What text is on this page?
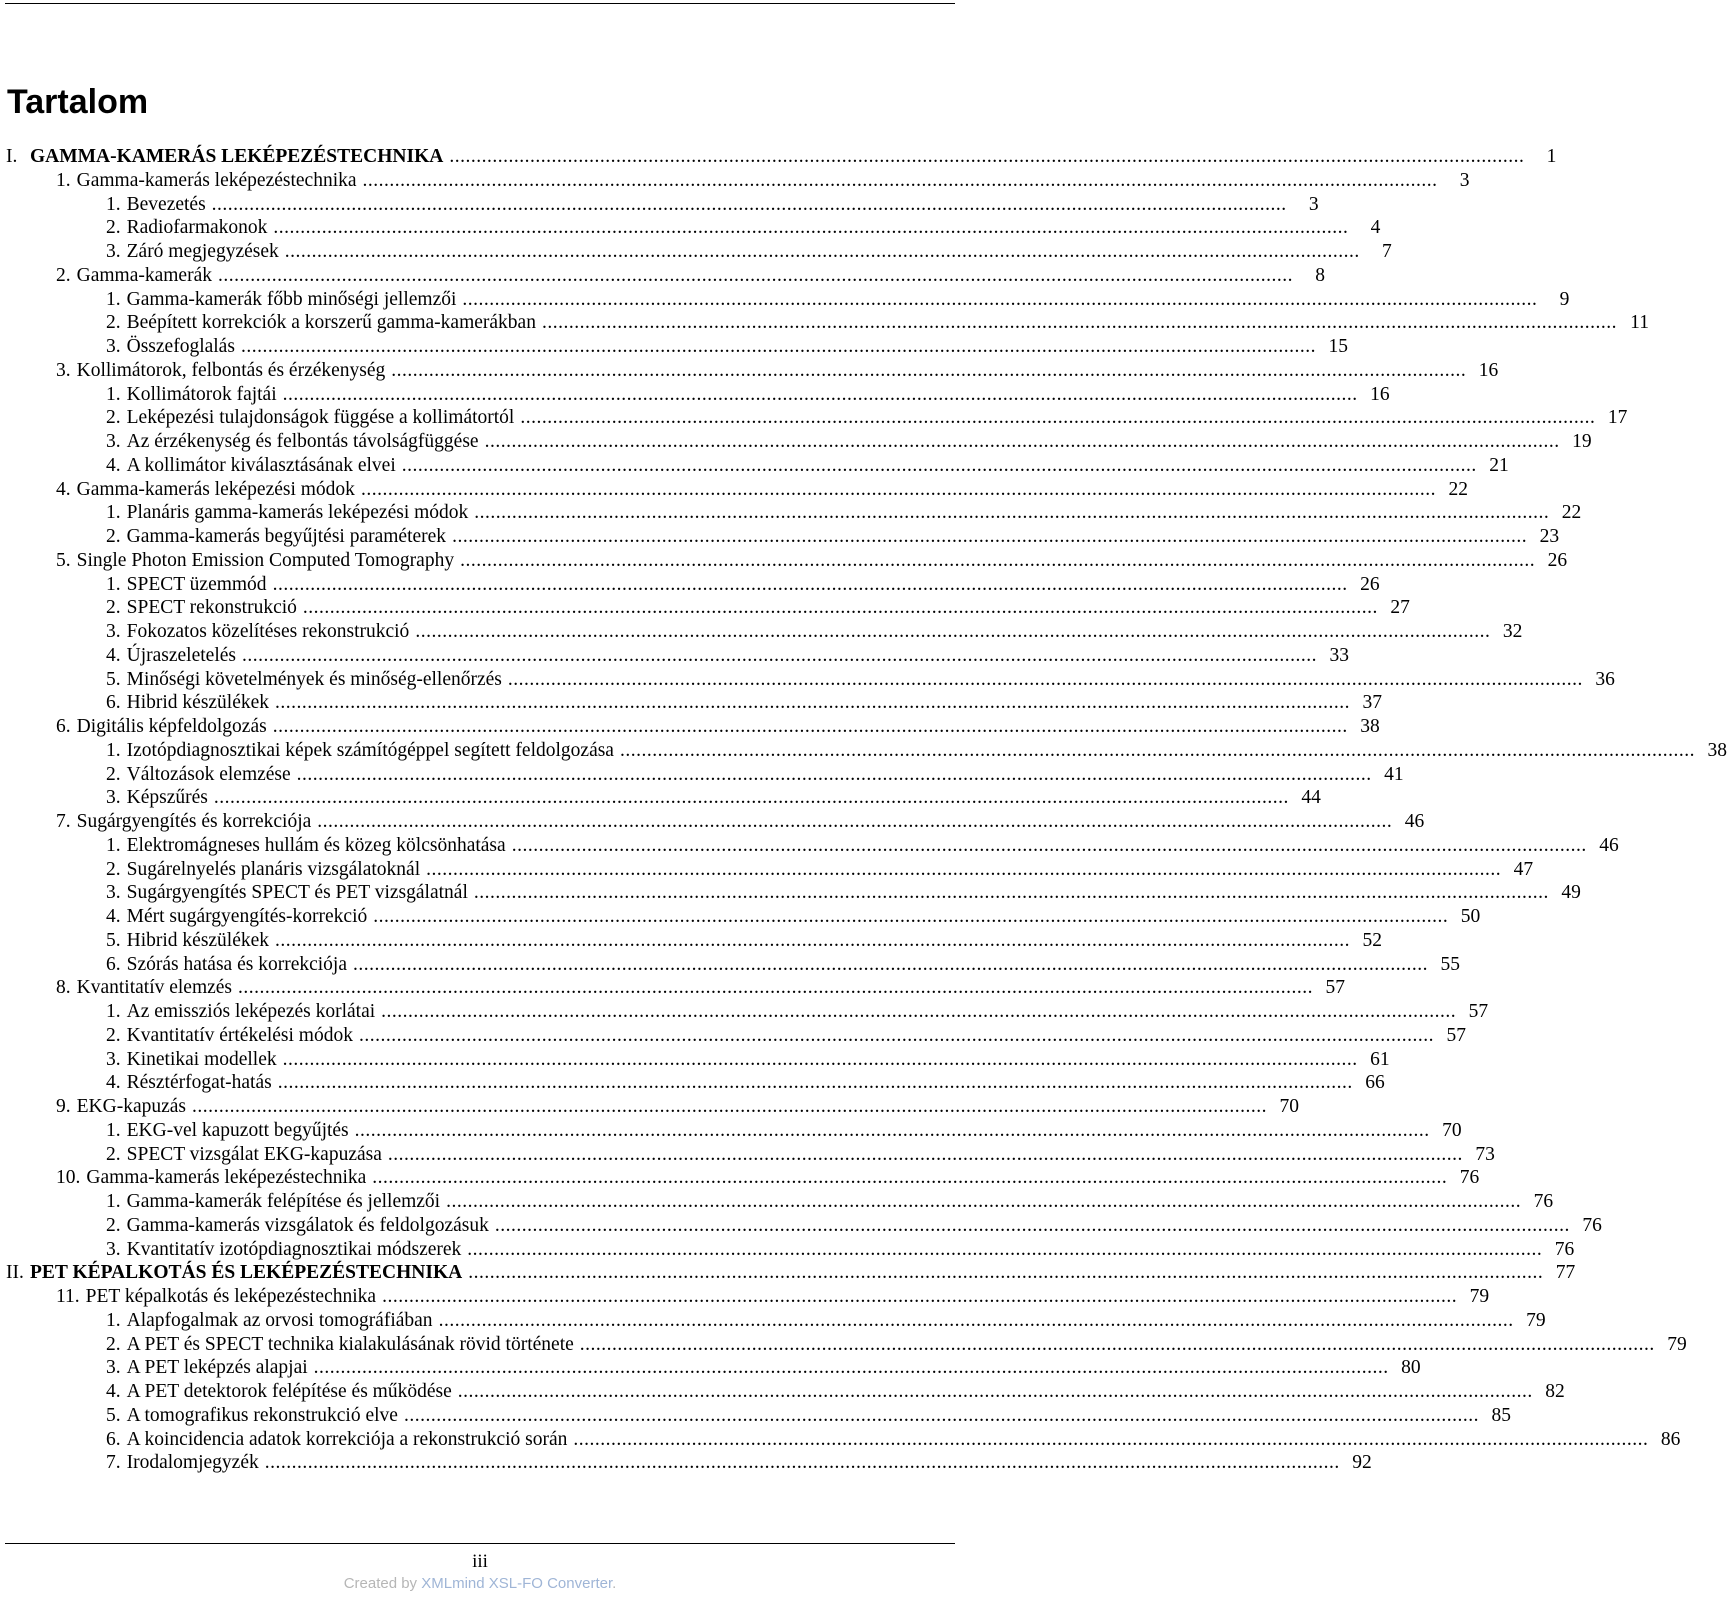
Tartalom
I. GAMMA-KAMERÁS LEKÉPEZÉSTECHNIKA ........................................................................................................................................................................................................	1
1. Gamma-kamerás leképezéstechnika ........................................................................................................................................................................................................	3
1. Bevezetés ........................................................................................................................................................................................................	3
2. Radiofarmakonok ........................................................................................................................................................................................................	4
3. Záró megjegyzések ........................................................................................................................................................................................................	7
2. Gamma-kamerák ........................................................................................................................................................................................................	8
1. Gamma-kamerák főbb minőségi jellemzői ........................................................................................................................................................................................................	9
2. Beépített korrekciók a korszerű gamma-kamerákban ........................................................................................................................................................................................................ 11
3. Összefoglalás ........................................................................................................................................................................................................ 15
3. Kollimátorok, felbontás és érzékenység ........................................................................................................................................................................................................ 16
1. Kollimátorok fajtái ........................................................................................................................................................................................................ 16
2. Leképezési tulajdonságok függése a kollimátortól ........................................................................................................................................................................................................ 17
3. Az érzékenység és felbontás távolságfüggése ........................................................................................................................................................................................................ 19
4. A kollimátor kiválasztásának elvei ........................................................................................................................................................................................................ 21
4. Gamma-kamerás leképezési módok ........................................................................................................................................................................................................ 22
1. Planáris gamma-kamerás leképezési módok ........................................................................................................................................................................................................ 22
2. Gamma-kamerás begyűjtési paraméterek ........................................................................................................................................................................................................ 23
5. Single Photon Emission Computed Tomography ........................................................................................................................................................................................................ 26
1. SPECT üzemmód ........................................................................................................................................................................................................ 26
2. SPECT rekonstrukció ........................................................................................................................................................................................................ 27
3. Fokozatos közelítéses rekonstrukció ........................................................................................................................................................................................................ 32
4. Újraszeletelés ........................................................................................................................................................................................................ 33
5. Minőségi követelmények és minőség-ellenőrzés ........................................................................................................................................................................................................ 36
6. Hibrid készülékek ........................................................................................................................................................................................................ 37
6. Digitális képfeldolgozás ........................................................................................................................................................................................................ 38
1. Izotópdiagnosztikai képek számítógéppel segített feldolgozása ........................................................................................................................................................................................................ 38
2. Változások elemzése ........................................................................................................................................................................................................ 41
3. Képszűrés ........................................................................................................................................................................................................ 44
7. Sugárgyengítés és korrekciója ........................................................................................................................................................................................................ 46
1. Elektromágneses hullám és közeg kölcsönhatása ........................................................................................................................................................................................................ 46
2. Sugárelnyelés planáris vizsgálatoknál ........................................................................................................................................................................................................ 47
3. Sugárgyengítés SPECT és PET vizsgálatnál ........................................................................................................................................................................................................ 49
4. Mért sugárgyengítés-korrekció ........................................................................................................................................................................................................ 50
5. Hibrid készülékek ........................................................................................................................................................................................................ 52
6. Szórás hatása és korrekciója ........................................................................................................................................................................................................ 55
8. Kvantitatív elemzés ........................................................................................................................................................................................................ 57
1. Az emissziós leképezés korlátai ........................................................................................................................................................................................................ 57
2. Kvantitatív értékelési módok ........................................................................................................................................................................................................ 57
3. Kinetikai modellek ........................................................................................................................................................................................................ 61
4. Résztérfogat-hatás ........................................................................................................................................................................................................ 66
9. EKG-kapuzás ........................................................................................................................................................................................................ 70
1. EKG-vel kapuzott begyűjtés ........................................................................................................................................................................................................ 70
2. SPECT vizsgálat EKG-kapuzása ........................................................................................................................................................................................................ 73
10. Gamma-kamerás leképezéstechnika ........................................................................................................................................................................................................ 76
1. Gamma-kamerák felépítése és jellemzői ........................................................................................................................................................................................................ 76
2. Gamma-kamerás vizsgálatok és feldolgozásuk ........................................................................................................................................................................................................ 76
3. Kvantitatív izotópdiagnosztikai módszerek ........................................................................................................................................................................................................ 76
II. PET KÉPALKOTÁS ÉS LEKÉPEZÉSTECHNIKA ........................................................................................................................................................................................................ 77
11. PET képalkotás és leképezéstechnika ........................................................................................................................................................................................................ 79
1. Alapfogalmak az orvosi tomográfiában ........................................................................................................................................................................................................ 79
2. A PET és SPECT technika kialakulásának rövid története ........................................................................................................................................................................................................ 79
3. A PET leképzés alapjai ........................................................................................................................................................................................................ 80
4. A PET detektorok felépítése és működése ........................................................................................................................................................................................................ 82
5. A tomografikus rekonstrukció elve ........................................................................................................................................................................................................ 85
6. A koincidencia adatok korrekciója a rekonstrukció során ........................................................................................................................................................................................................ 86
7. Irodalomjegyzék ........................................................................................................................................................................................................ 92
iii
Created by XMLmind XSL-FO Converter.
